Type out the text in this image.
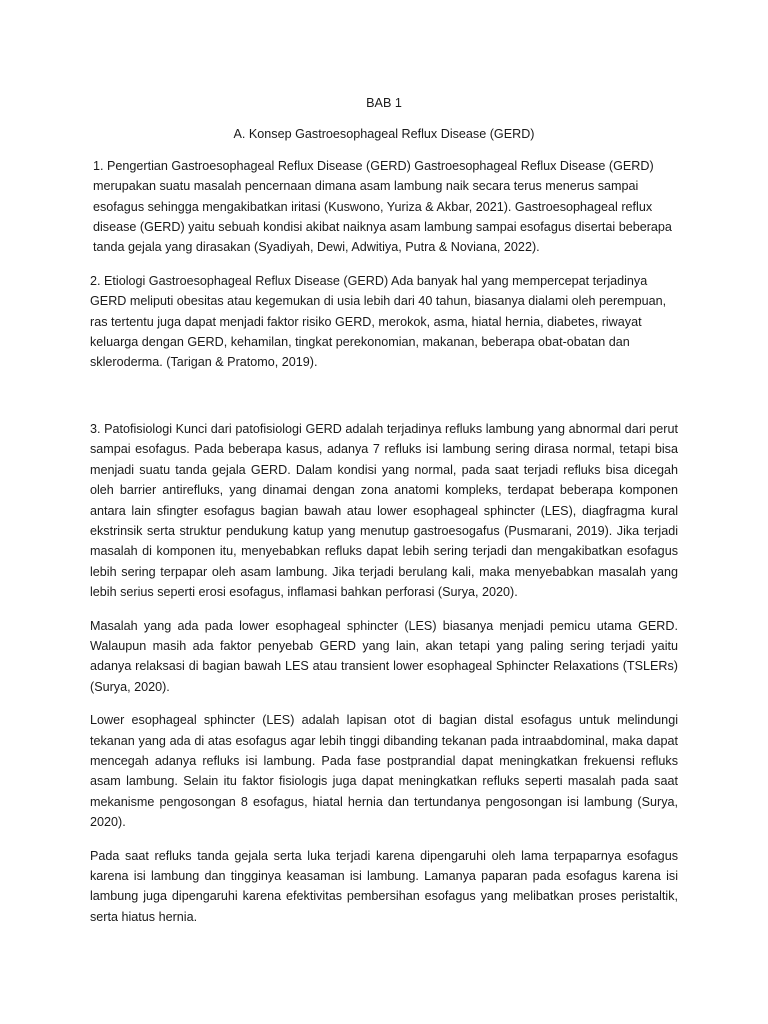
BAB 1
A. Konsep Gastroesophageal Reflux Disease (GERD)

1. Pengertian Gastroesophageal Reflux Disease (GERD) Gastroesophageal Reflux Disease (GERD) merupakan suatu masalah pencernaan dimana asam lambung naik secara terus menerus sampai esofagus sehingga mengakibatkan iritasi (Kuswono, Yuriza & Akbar, 2021). Gastroesophageal reflux disease (GERD) yaitu sebuah kondisi akibat naiknya asam lambung sampai esofagus disertai beberapa tanda gejala yang dirasakan (Syadiyah, Dewi, Adwitiya, Putra & Noviana, 2022).

2. Etiologi Gastroesophageal Reflux Disease (GERD) Ada banyak hal yang mempercepat terjadinya GERD meliputi obesitas atau kegemukan di usia lebih dari 40 tahun, biasanya dialami oleh perempuan, ras tertentu juga dapat menjadi faktor risiko GERD, merokok, asma, hiatal hernia, diabetes, riwayat keluarga dengan GERD, kehamilan, tingkat perekonomian, makanan, beberapa obat-obatan dan skleroderma. (Tarigan & Pratomo, 2019).

3. Patofisiologi Kunci dari patofisiologi GERD adalah terjadinya refluks lambung yang abnormal dari perut sampai esofagus. Pada beberapa kasus, adanya 7 refluks isi lambung sering dirasa normal, tetapi bisa menjadi suatu tanda gejala GERD. Dalam kondisi yang normal, pada saat terjadi refluks bisa dicegah oleh barrier antirefluks, yang dinamai dengan zona anatomi kompleks, terdapat beberapa komponen antara lain sfingter esofagus bagian bawah atau lower esophageal sphincter (LES), diagfragma kural ekstrinsik serta struktur pendukung katup yang menutup gastroesogafus (Pusmarani, 2019). Jika terjadi masalah di komponen itu, menyebabkan refluks dapat lebih sering terjadi dan mengakibatkan esofagus lebih sering terpapar oleh asam lambung. Jika terjadi berulang kali, maka menyebabkan masalah yang lebih serius seperti erosi esofagus, inflamasi bahkan perforasi (Surya, 2020).

Masalah yang ada pada lower esophageal sphincter (LES) biasanya menjadi pemicu utama GERD. Walaupun masih ada faktor penyebab GERD yang lain, akan tetapi yang paling sering terjadi yaitu adanya relaksasi di bagian bawah LES atau transient lower esophageal Sphincter Relaxations (TSLERs) (Surya, 2020).

Lower esophageal sphincter (LES) adalah lapisan otot di bagian distal esofagus untuk melindungi tekanan yang ada di atas esofagus agar lebih tinggi dibanding tekanan pada intraabdominal, maka dapat mencegah adanya refluks isi lambung. Pada fase postprandial dapat meningkatkan frekuensi refluks asam lambung. Selain itu faktor fisiologis juga dapat meningkatkan refluks seperti masalah pada saat mekanisme pengosongan 8 esofagus, hiatal hernia dan tertundanya pengosongan isi lambung (Surya, 2020).

Pada saat refluks tanda gejala serta luka terjadi karena dipengaruhi oleh lama terpaparnya esofagus karena isi lambung dan tingginya keasaman isi lambung. Lamanya paparan pada esofagus karena isi lambung juga dipengaruhi karena efektivitas pembersihan esofagus yang melibatkan proses peristaltik, serta hiatus hernia.
